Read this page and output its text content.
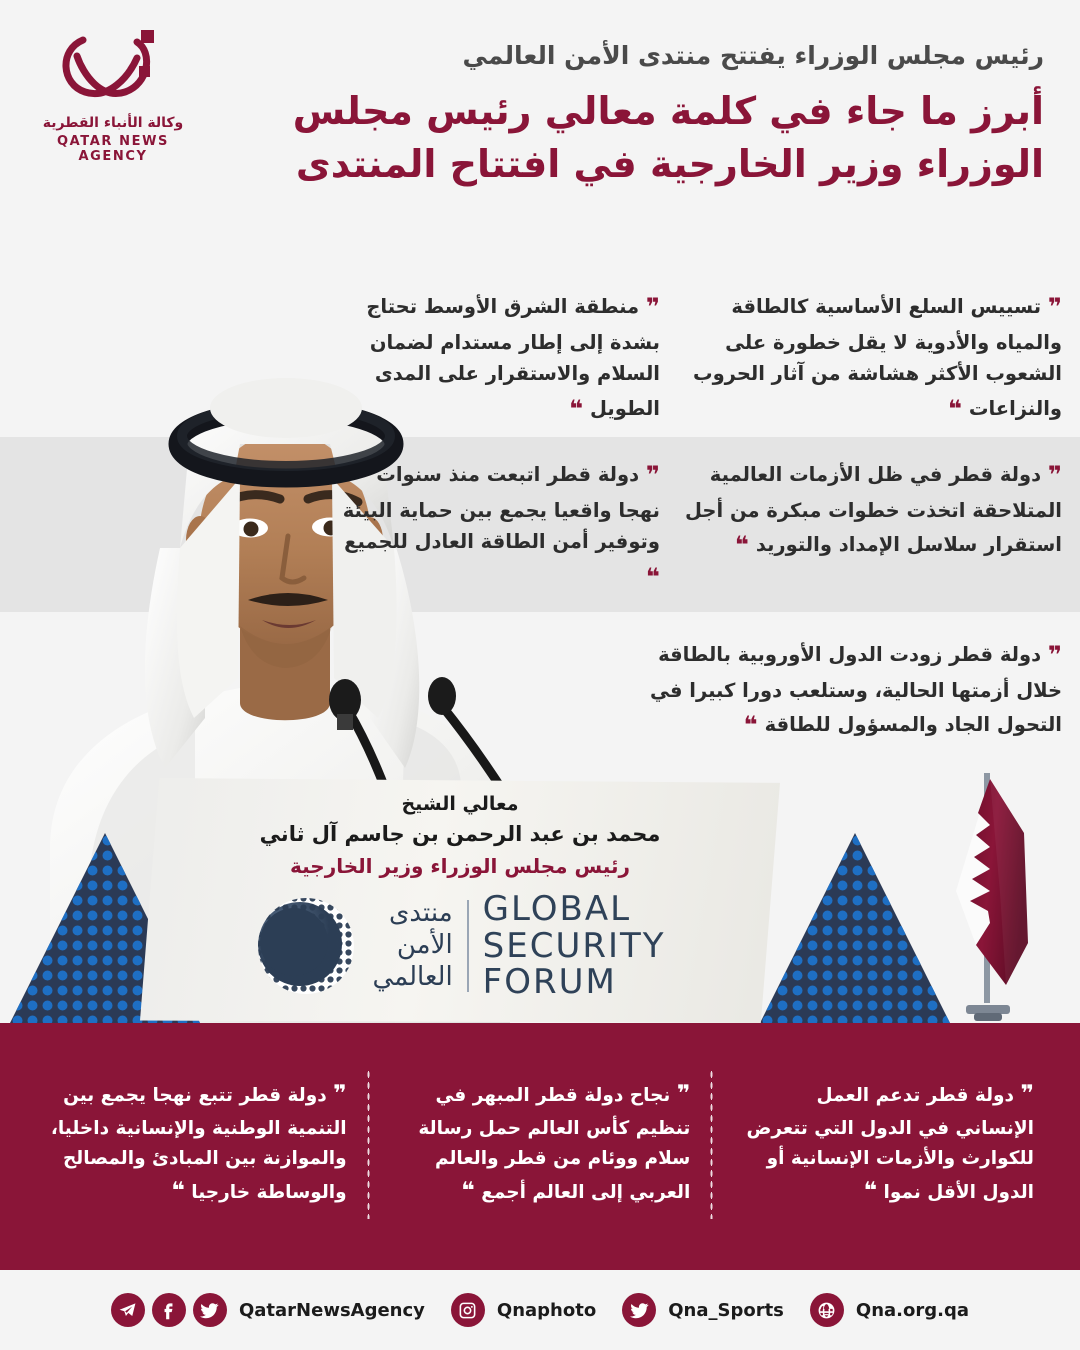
وكالة الأنباء القطرية
QATAR NEWS AGENCY
رئيس مجلس الوزراء يفتتح منتدى الأمن العالمي
أبرز ما جاء في كلمة معالي رئيس مجلس الوزراء وزير الخارجية في افتتاح المنتدى
❞ تسييس السلع الأساسية كالطاقة والمياه والأدوية لا يقل خطورة على الشعوب الأكثر هشاشة من آثار الحروب والنزاعات ❝
❞ منطقة الشرق الأوسط تحتاج بشدة إلى إطار مستدام لضمان السلام والاستقرار على المدى الطويل ❝
❞ دولة قطر في ظل الأزمات العالمية المتلاحقة اتخذت خطوات مبكرة من أجل استقرار سلاسل الإمداد والتوريد ❝
❞ دولة قطر اتبعت منذ سنوات نهجا واقعيا يجمع بين حماية البيئة وتوفير أمن الطاقة العادل للجميع ❝
❞ دولة قطر زودت الدول الأوروبية بالطاقة خلال أزمتها الحالية، وستلعب دورا كبيرا في التحول الجاد والمسؤول للطاقة ❝
معالي الشيخ
محمد بن عبد الرحمن بن جاسم آل ثاني
رئيس مجلس الوزراء وزير الخارجية
منتدى
الأمن
العالمي
GLOBAL
SECURITY
FORUM
❞ دولة قطر تدعم العمل الإنساني في الدول التي تتعرض للكوارث والأزمات الإنسانية أو الدول الأقل نموا ❝
❞ نجاح دولة قطر المبهر في تنظيم كأس العالم حمل رسالة سلام ووئام من قطر والعالم العربي إلى العالم أجمع ❝
❞ دولة قطر تتبع نهجا يجمع بين التنمية الوطنية والإنسانية داخليا، والموازنة بين المبادئ والمصالح والوساطة خارجيا ❝
QatarNewsAgency	Qnaphoto	Qna_Sports	Qna.org.qa
